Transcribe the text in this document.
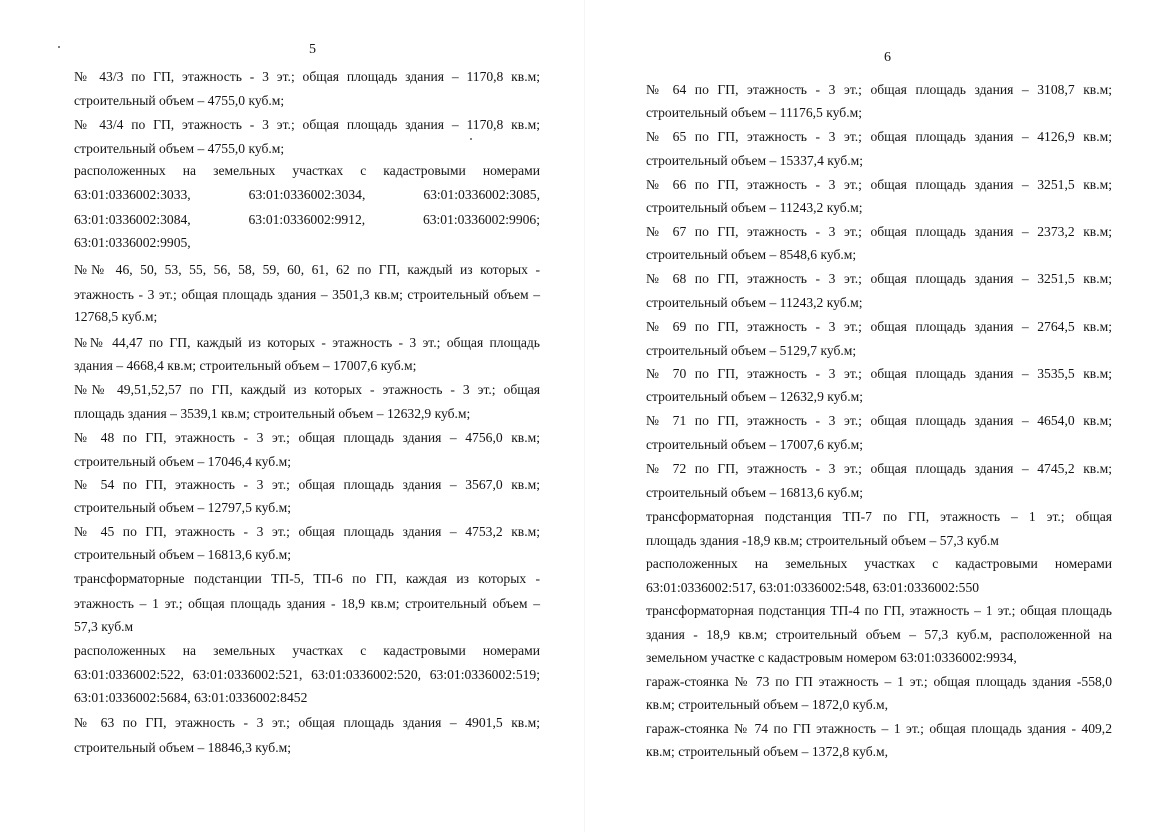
5
№ 43/3 по ГП, этажность - 3 эт.; общая площадь здания – 1170,8 кв.м;
строительный объем – 4755,0 куб.м;
№ 43/4 по ГП, этажность - 3 эт.; общая площадь здания – 1170,8 кв.м;
строительный объем – 4755,0 куб.м;
расположенных на земельных участках с кадастровыми номерами
63:01:0336002:3033,	63:01:0336002:3034,	63:01:0336002:3085,
63:01:0336002:3084,	63:01:0336002:9912,	63:01:0336002:9906;
63:01:0336002:9905,
№№ 46, 50, 53, 55, 56, 58, 59, 60, 61, 62 по ГП, каждый из которых -
этажность - 3 эт.; общая площадь здания – 3501,3 кв.м; строительный объем –
12768,5 куб.м;
№№ 44,47 по ГП, каждый из которых - этажность - 3 эт.; общая площадь
здания – 4668,4 кв.м; строительный объем – 17007,6 куб.м;
№№ 49,51,52,57 по ГП, каждый из которых - этажность - 3 эт.; общая
площадь здания – 3539,1 кв.м; строительный объем – 12632,9 куб.м;
№ 48 по ГП, этажность - 3 эт.; общая площадь здания – 4756,0 кв.м;
строительный объем – 17046,4 куб.м;
№ 54 по ГП, этажность - 3 эт.; общая площадь здания – 3567,0 кв.м;
строительный объем – 12797,5 куб.м;
№ 45 по ГП, этажность - 3 эт.; общая площадь здания – 4753,2 кв.м;
строительный объем – 16813,6 куб.м;
трансформаторные подстанции ТП-5, ТП-6 по ГП, каждая из которых -
этажность – 1 эт.; общая площадь здания - 18,9 кв.м; строительный объем –
57,3 куб.м
расположенных на земельных участках с кадастровыми номерами
63:01:0336002:522, 63:01:0336002:521, 63:01:0336002:520, 63:01:0336002:519;
63:01:0336002:5684, 63:01:0336002:8452
№ 63 по ГП, этажность - 3 эт.; общая площадь здания – 4901,5 кв.м;
строительный объем – 18846,3 куб.м;
6
№ 64 по ГП, этажность - 3 эт.; общая площадь здания – 3108,7 кв.м;
строительный объем – 11176,5 куб.м;
№ 65 по ГП, этажность - 3 эт.; общая площадь здания – 4126,9 кв.м;
строительный объем – 15337,4 куб.м;
№ 66 по ГП, этажность - 3 эт.; общая площадь здания – 3251,5 кв.м;
строительный объем – 11243,2 куб.м;
№ 67 по ГП, этажность - 3 эт.; общая площадь здания – 2373,2 кв.м;
строительный объем – 8548,6 куб.м;
№ 68 по ГП, этажность - 3 эт.; общая площадь здания – 3251,5 кв.м;
строительный объем – 11243,2 куб.м;
№ 69 по ГП, этажность - 3 эт.; общая площадь здания – 2764,5 кв.м;
строительный объем – 5129,7 куб.м;
№ 70 по ГП, этажность - 3 эт.; общая площадь здания – 3535,5 кв.м;
строительный объем – 12632,9 куб.м;
№ 71 по ГП, этажность - 3 эт.; общая площадь здания – 4654,0 кв.м;
строительный объем – 17007,6 куб.м;
№ 72 по ГП, этажность - 3 эт.; общая площадь здания – 4745,2 кв.м;
строительный объем – 16813,6 куб.м;
трансформаторная подстанция ТП-7 по ГП, этажность – 1 эт.; общая
площадь здания -18,9 кв.м; строительный объем – 57,3 куб.м
расположенных на земельных участках с кадастровыми номерами
63:01:0336002:517, 63:01:0336002:548, 63:01:0336002:550
трансформаторная подстанция ТП-4 по ГП, этажность – 1 эт.; общая площадь
здания - 18,9 кв.м; строительный объем – 57,3 куб.м, расположенной на
земельном участке с кадастровым номером 63:01:0336002:9934,
гараж-стоянка № 73 по ГП этажность – 1 эт.; общая площадь здания -558,0
кв.м; строительный объем – 1872,0 куб.м,
гараж-стоянка № 74 по ГП этажность – 1 эт.; общая площадь здания - 409,2
кв.м; строительный объем – 1372,8 куб.м,
